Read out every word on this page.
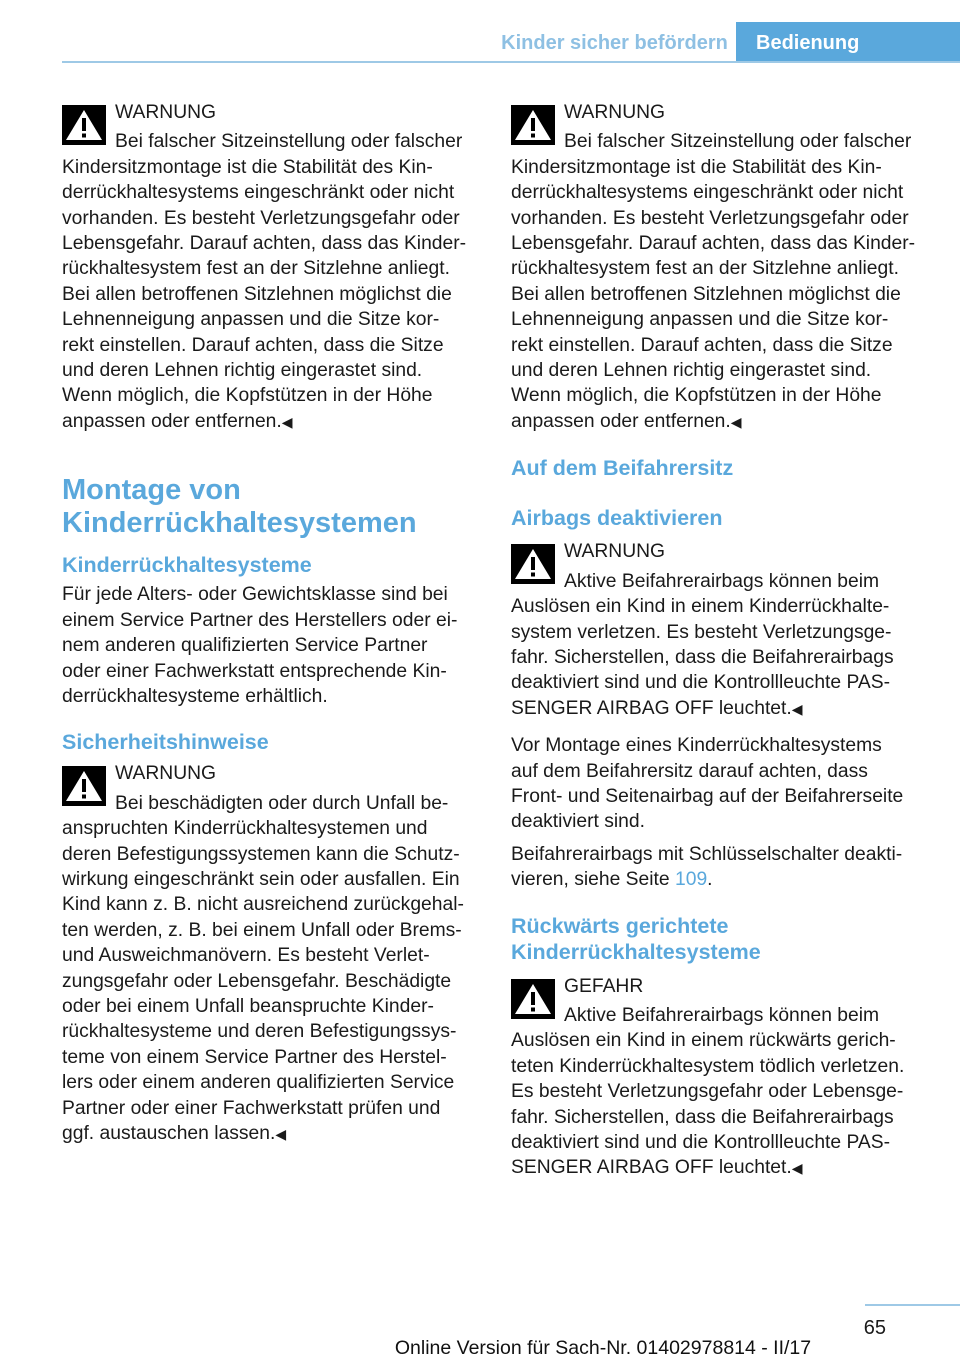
Kinder sicher befördern	Bedienung

WARNUNG

Bei falscher Sitzeinstellung oder falscher

Kindersitzmontage ist die Stabilität des Kin-

derrückhaltesystems eingeschränkt oder nicht

vorhanden. Es besteht Verletzungsgefahr oder

Lebensgefahr. Darauf achten, dass das Kinder-

rückhaltesystem fest an der Sitzlehne anliegt.

Bei allen betroffenen Sitzlehnen möglichst die

Lehnenneigung anpassen und die Sitze kor-

rekt einstellen. Darauf achten, dass die Sitze

und deren Lehnen richtig eingerastet sind.

Wenn möglich, die Kopfstützen in der Höhe

anpassen oder entfernen.◀

Montage von
Kinderrückhaltesystemen
Kinderrückhaltesysteme

Für jede Alters- oder Gewichtsklasse sind bei

einem Service Partner des Herstellers oder ei-

nem anderen qualifizierten Service Partner

oder einer Fachwerkstatt entsprechende Kin-

derrückhaltesysteme erhältlich.

Sicherheitshinweise

WARNUNG

Bei beschädigten oder durch Unfall be-

anspruchten Kinderrückhaltesystemen und

deren Befestigungssystemen kann die Schutz-

wirkung eingeschränkt sein oder ausfallen. Ein

Kind kann z. B. nicht ausreichend zurückgehal-

ten werden, z. B. bei einem Unfall oder Brems-

und Ausweichmanövern. Es besteht Verlet-

zungsgefahr oder Lebensgefahr. Beschädigte

oder bei einem Unfall beanspruchte Kinder-

rückhaltesysteme und deren Befestigungssys-

teme von einem Service Partner des Herstel-

lers oder einem anderen qualifizierten Service

Partner oder einer Fachwerkstatt prüfen und

ggf. austauschen lassen.◀

WARNUNG

Bei falscher Sitzeinstellung oder falscher

Kindersitzmontage ist die Stabilität des Kin-

derrückhaltesystems eingeschränkt oder nicht

vorhanden. Es besteht Verletzungsgefahr oder

Lebensgefahr. Darauf achten, dass das Kinder-

rückhaltesystem fest an der Sitzlehne anliegt.

Bei allen betroffenen Sitzlehnen möglichst die

Lehnenneigung anpassen und die Sitze kor-

rekt einstellen. Darauf achten, dass die Sitze

und deren Lehnen richtig eingerastet sind.

Wenn möglich, die Kopfstützen in der Höhe

anpassen oder entfernen.◀

Auf dem Beifahrersitz
Airbags deaktivieren

WARNUNG

Aktive Beifahrerairbags können beim

Auslösen ein Kind in einem Kinderrückhalte-

system verletzen. Es besteht Verletzungsge-

fahr. Sicherstellen, dass die Beifahrerairbags

deaktiviert sind und die Kontrollleuchte PAS-

SENGER AIRBAG OFF leuchtet.◀

Vor Montage eines Kinderrückhaltesystems

auf dem Beifahrersitz darauf achten, dass

Front- und Seitenairbag auf der Beifahrerseite

deaktiviert sind.

Beifahrerairbags mit Schlüsselschalter deakti-

vieren, siehe Seite 109.

Rückwärts gerichtete
Kinderrückhaltesysteme

GEFAHR

Aktive Beifahrerairbags können beim

Auslösen ein Kind in einem rückwärts gerich-

teten Kinderrückhaltesystem tödlich verletzen.

Es besteht Verletzungsgefahr oder Lebensge-

fahr. Sicherstellen, dass die Beifahrerairbags

deaktiviert sind und die Kontrollleuchte PAS-

SENGER AIRBAG OFF leuchtet.◀

65
Online Version für Sach-Nr. 01402978814 - II/17
